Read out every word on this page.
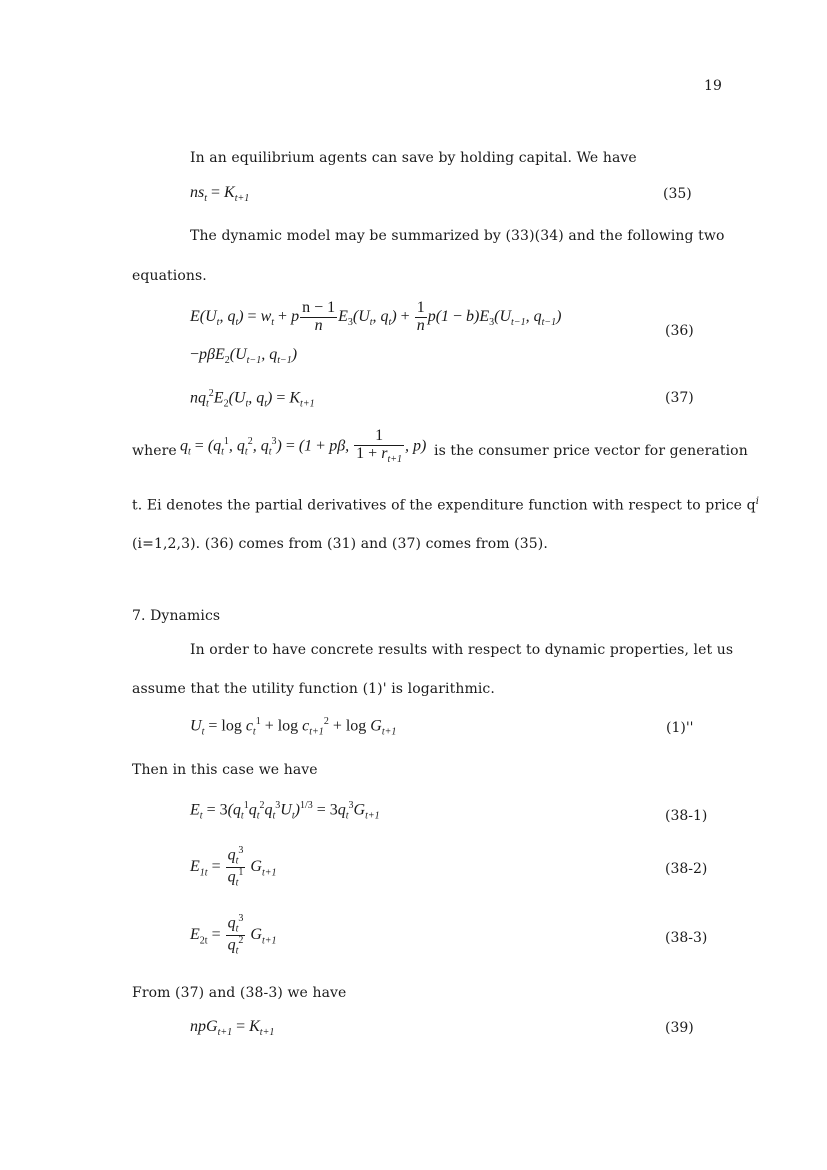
19
In an equilibrium agents can save by holding capital. We have
$ns_t = K_{t+1}$	(35)
The dynamic model may be summarized by (33)(34) and the following two
equations.
$E(U_t$, $q_t) = w_t + p \frac{n - 1}{n} E_3(U_t$, $q_t) + \frac{1}{n} p(1 - b)E_3(U_{t-1}$, $q_{t-1}$)
(36)
$-p\beta E_2(U_{t-1}$, $q_{t-1}$)
$nq_t^2E_2(U_t$, $q_t) = K_{t+1}$	(37)
where $q_t = (q_t^1$, $q_t^2$, $q_t^3) = (1 + p\beta$, $\frac{1}{1 + r_{t+1}}$ , p) is the consumer price vector for generation
t. Ei denotes the partial derivatives of the expenditure function with respect to price $q^i$
(i=1,2,3). (36) comes from (31) and (37) comes from (35).
7. Dynamics
In order to have concrete results with respect to dynamic properties, let us
assume that the utility function (1)' is logarithmic.
$U_t = \log c_t^1 + \log c_{t+1}^2 + \log G_{t+1}$	(1)''
Then in this case we have
$E_t = 3(q_t^1q_t^2q_t^3U_t)^{1/3} = 3q_t^3G_{t+1}$	(38-1)
$E_{1t} = \frac{q_t^3}{q_t^1} G_{t+1}$	(38-2)
$E_{2t} = \frac{q_t^3}{q_t^2} G_{t+1}$	(38-3)
From (37) and (38-3) we have
$npG_{t+1} = K_{t+1}$	(39)
